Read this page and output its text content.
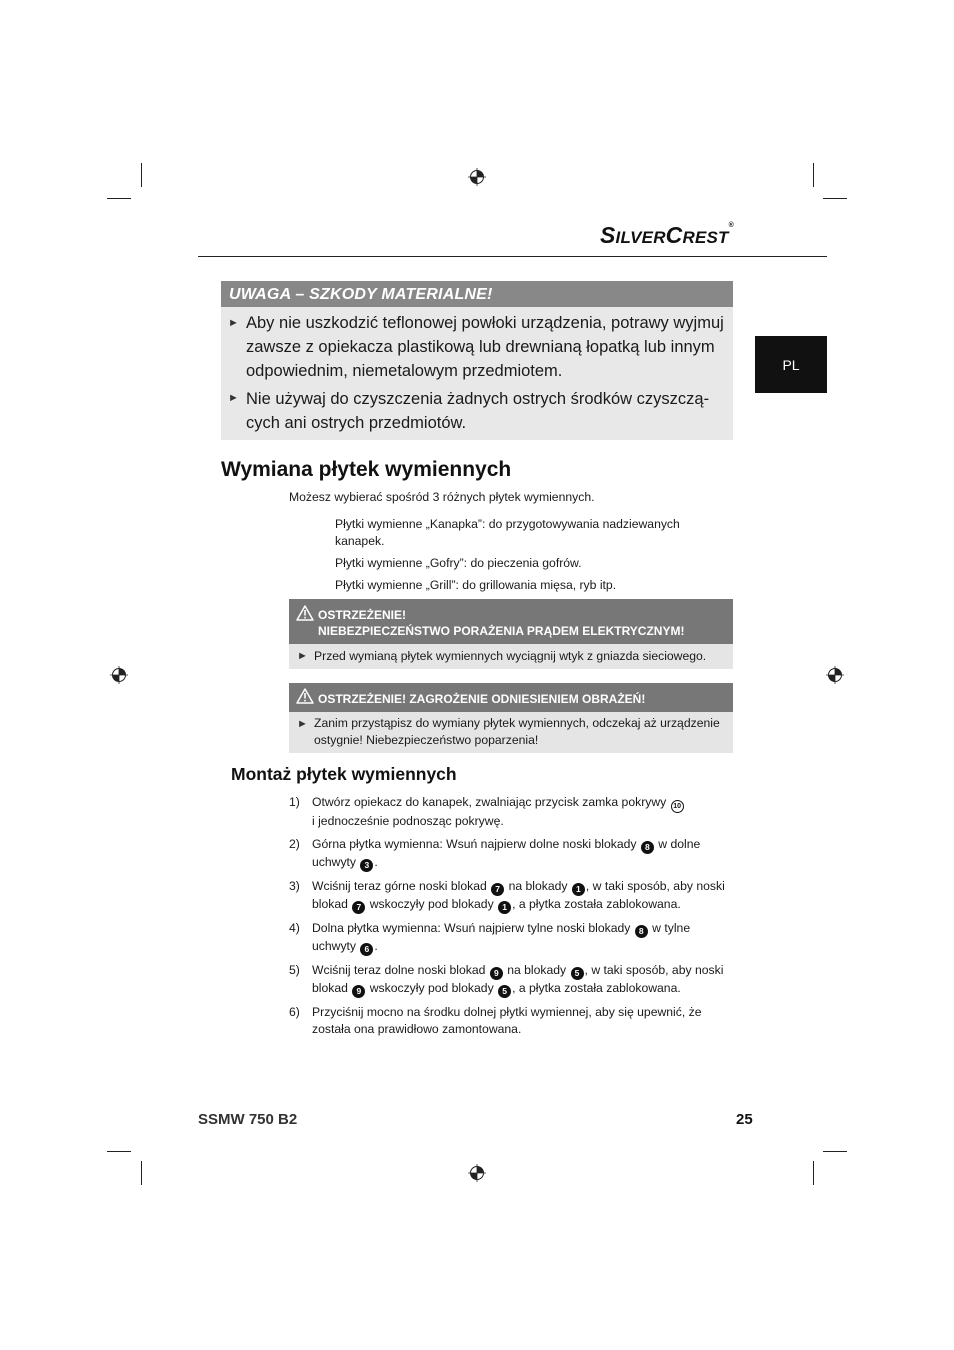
SILVERCREST®
PL
UWAGA – SZKODY MATERIALNE!
► Aby nie uszkodzić teflonowej powłoki urządzenia, potrawy wyjmuj
zawsze z opiekacza plastikową lub drewnianą łopatką lub innym
odpowiednim, niemetalowym przedmiotem.
► Nie używaj do czyszczenia żadnych ostrych środków czyszczą-
cych ani ostrych przedmiotów.
Wymiana płytek wymiennych
Możesz wybierać spośród 3 różnych płytek wymiennych.
Płytki wymienne „Kanapka”: do przygotowywania nadziewanych
kanapek.
Płytki wymienne „Gofry”: do pieczenia gofrów.
Płytki wymienne „Grill”: do grillowania mięsa, ryb itp.
OSTRZEŻENIE!
NIEBEZPIECZEŃSTWO PORAŻENIA PRĄDEM ELEKTRYCZNYM!
► Przed wymianą płytek wymiennych wyciągnij wtyk z gniazda sieciowego.
OSTRZEŻENIE! ZAGROŻENIE ODNIESIENIEM OBRAŻEŃ!
► Zanim przystąpisz do wymiany płytek wymiennych, odczekaj aż urządzenie
ostygnie! Niebezpieczeństwo poparzenia!
Montaż płytek wymiennych
1) Otwórz opiekacz do kanapek, zwalniając przycisk zamka pokrywy 10
i jednocześnie podnosząc pokrywę.
2) Górna płytka wymienna: Wsuń najpierw dolne noski blokady 8 w dolne
uchwyty 3 .
3) Wciśnij teraz górne noski blokad 7 na blokady 1 , w taki sposób, aby noski
blokad 7 wskoczyły pod blokady 1 , a płytka została zablokowana.
4) Dolna płytka wymienna: Wsuń najpierw tylne noski blokady 8 w tylne
uchwyty 6 .
5) Wciśnij teraz dolne noski blokad 9 na blokady 5 , w taki sposób, aby noski
blokad 9 wskoczyły pod blokady 5 , a płytka została zablokowana.
6) Przyciśnij mocno na środku dolnej płytki wymiennej, aby się upewnić, że
została ona prawidłowo zamontowana.
SSMW 750 B2	25
